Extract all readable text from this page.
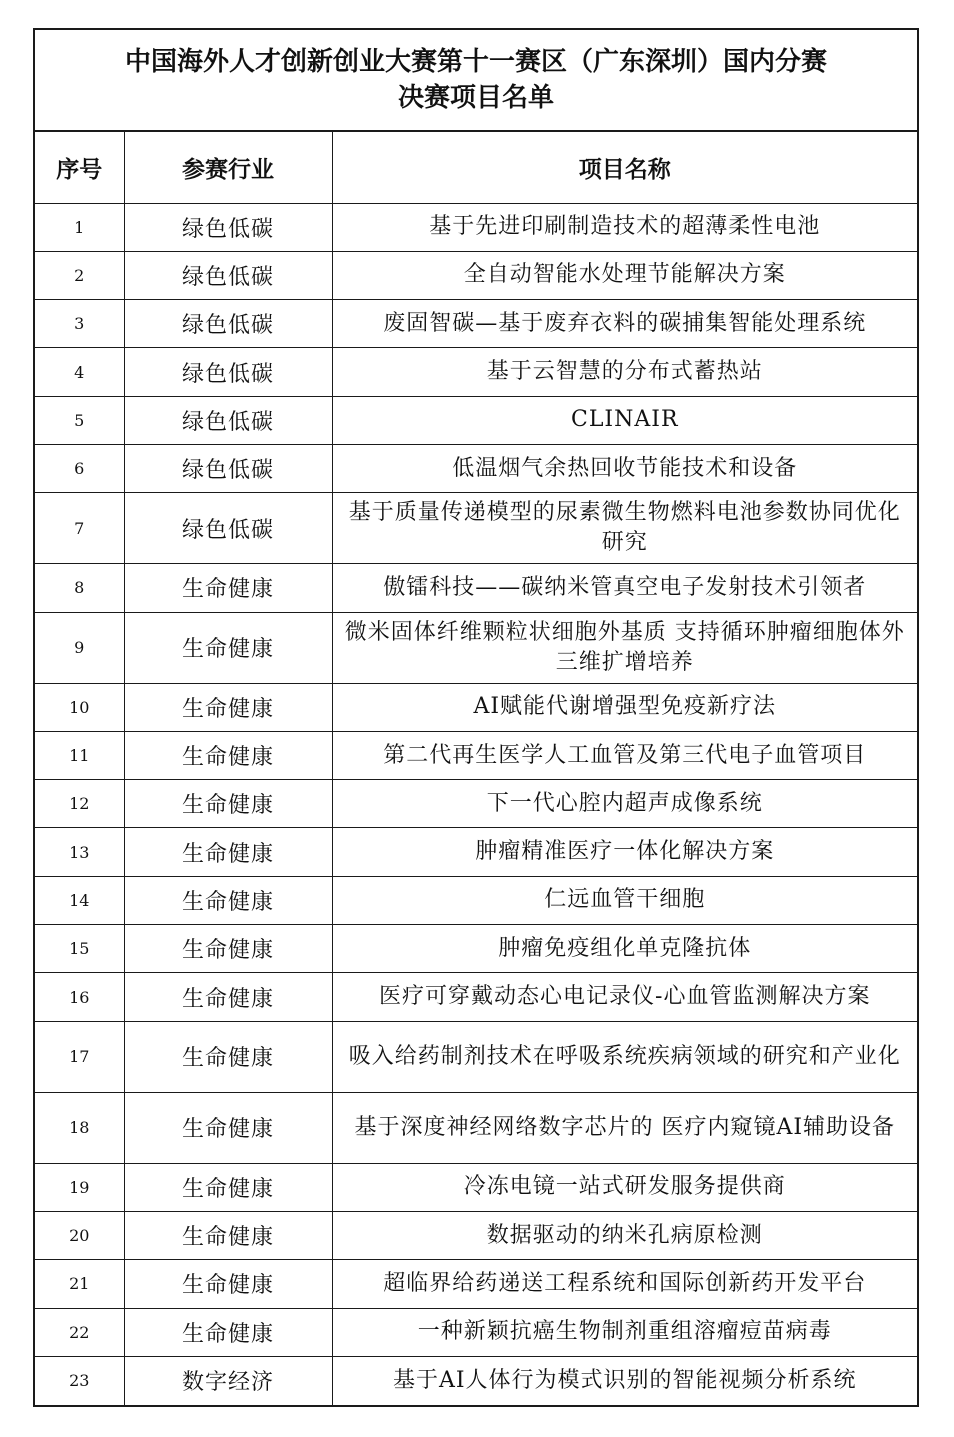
中国海外人才创新创业大赛第十一赛区（广东深圳）国内分赛
决赛项目名单
序号	参赛行业	项目名称
1	绿色低碳	基于先进印刷制造技术的超薄柔性电池
2	绿色低碳	全自动智能水处理节能解决方案
3	绿色低碳	废固智碳—基于废弃衣料的碳捕集智能处理系统
4	绿色低碳	基于云智慧的分布式蓄热站
5	绿色低碳	CLINAIR
6	绿色低碳	低温烟气余热回收节能技术和设备
7	绿色低碳	基于质量传递模型的尿素微生物燃料电池参数协同优化研究
8	生命健康	傲镭科技——碳纳米管真空电子发射技术引领者
9	生命健康	微米固体纤维颗粒状细胞外基质 支持循环肿瘤细胞体外三维扩增培养
10	生命健康	AI赋能代谢增强型免疫新疗法
11	生命健康	第二代再生医学人工血管及第三代电子血管项目
12	生命健康	下一代心腔内超声成像系统
13	生命健康	肿瘤精准医疗一体化解决方案
14	生命健康	仁远血管干细胞
15	生命健康	肿瘤免疫组化单克隆抗体
16	生命健康	医疗可穿戴动态心电记录仪-心血管监测解决方案
17	生命健康	吸入给药制剂技术在呼吸系统疾病领域的研究和产业化
18	生命健康	基于深度神经网络数字芯片的 医疗内窥镜AI辅助设备
19	生命健康	冷冻电镜一站式研发服务提供商
20	生命健康	数据驱动的纳米孔病原检测
21	生命健康	超临界给药递送工程系统和国际创新药开发平台
22	生命健康	一种新颖抗癌生物制剂重组溶瘤痘苗病毒
23	数字经济	基于AI人体行为模式识别的智能视频分析系统
